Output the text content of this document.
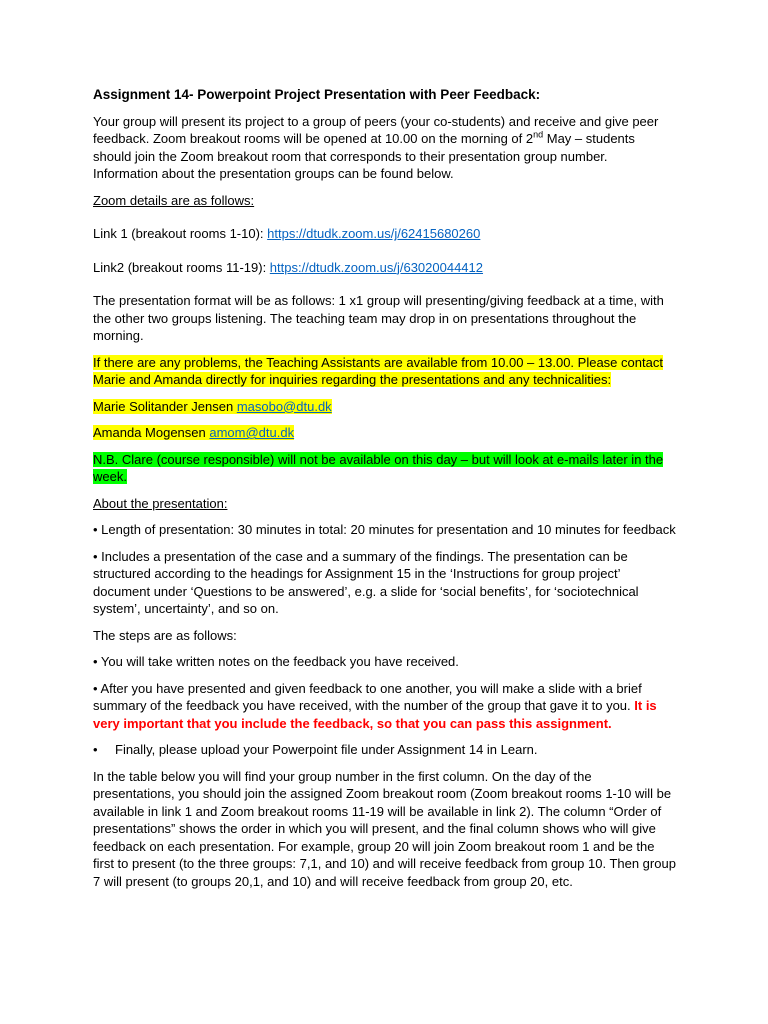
Assignment 14- Powerpoint Project Presentation with Peer Feedback:

Your group will present its project to a group of peers (your co-students) and receive and give peer feedback. Zoom breakout rooms will be opened at 10.00 on the morning of 2nd May – students should join the Zoom breakout room that corresponds to their presentation group number. Information about the presentation groups can be found below.

Zoom details are as follows:

Link 1 (breakout rooms 1-10): https://dtudk.zoom.us/j/62415680260

Link2 (breakout rooms 11-19): https://dtudk.zoom.us/j/63020044412

The presentation format will be as follows: 1 x1 group will presenting/giving feedback at a time, with the other two groups listening. The teaching team may drop in on presentations throughout the morning.

If there are any problems, the Teaching Assistants are available from 10.00 – 13.00. Please contact Marie and Amanda directly for inquiries regarding the presentations and any technicalities:

Marie Solitander Jensen masobo@dtu.dk

Amanda Mogensen amom@dtu.dk

N.B. Clare (course responsible) will not be available on this day – but will look at e-mails later in the week.

About the presentation:

• Length of presentation: 30 minutes in total: 20 minutes for presentation and 10 minutes for feedback

• Includes a presentation of the case and a summary of the findings. The presentation can be structured according to the headings for Assignment 15 in the ‘Instructions for group project’ document under ‘Questions to be answered’, e.g. a slide for ‘social benefits’, for ‘sociotechnical system’, uncertainty’, and so on.

The steps are as follows:

• You will take written notes on the feedback you have received.

• After you have presented and given feedback to one another, you will make a slide with a brief summary of the feedback you have received, with the number of the group that gave it to you. It is very important that you include the feedback, so that you can pass this assignment.

• Finally, please upload your Powerpoint file under Assignment 14 in Learn.

In the table below you will find your group number in the first column. On the day of the presentations, you should join the assigned Zoom breakout room (Zoom breakout rooms 1-10 will be available in link 1 and Zoom breakout rooms 11-19 will be available in link 2). The column “Order of presentations” shows the order in which you will present, and the final column shows who will give feedback on each presentation. For example, group 20 will join Zoom breakout room 1 and be the first to present (to the three groups: 7,1, and 10) and will receive feedback from group 10. Then group 7 will present (to groups 20,1, and 10) and will receive feedback from group 20, etc.
